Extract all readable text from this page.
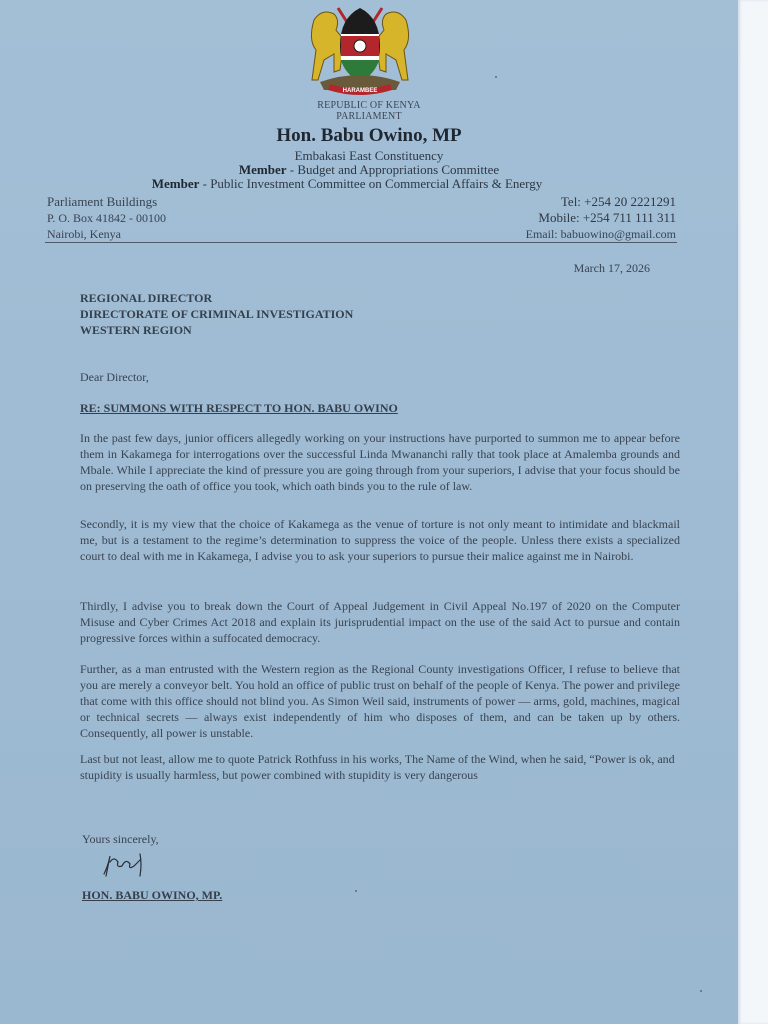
HARAMBEE
REPUBLIC OF KENYA
PARLIAMENT
Hon. Babu Owino, MP
Embakasi East Constituency
Member - Budget and Appropriations Committee
Member - Public Investment Committee on Commercial Affairs & Energy
Parliament Buildings
P. O. Box 41842 - 00100
Nairobi, Kenya
Tel: +254 20 2221291
Mobile: +254 711 111 311
Email: babuowino@gmail.com
March 17, 2026
REGIONAL DIRECTOR
DIRECTORATE OF CRIMINAL INVESTIGATION
WESTERN REGION
Dear Director,
RE: SUMMONS WITH RESPECT TO HON. BABU OWINO
In the past few days, junior officers allegedly working on your instructions have purported to summon me to appear before them in Kakamega for interrogations over the successful Linda Mwananchi rally that took place at Amalemba grounds and Mbale. While I appreciate the kind of pressure you are going through from your superiors, I advise that your focus should be on preserving the oath of office you took, which oath binds you to the rule of law.
Secondly, it is my view that the choice of Kakamega as the venue of torture is not only meant to intimidate and blackmail me, but is a testament to the regime’s determination to suppress the voice of the people. Unless there exists a specialized court to deal with me in Kakamega, I advise you to ask your superiors to pursue their malice against me in Nairobi.
Thirdly, I advise you to break down the Court of Appeal Judgement in Civil Appeal No.197 of 2020 on the Computer Misuse and Cyber Crimes Act 2018 and explain its jurisprudential impact on the use of the said Act to pursue and contain progressive forces within a suffocated democracy.
Further, as a man entrusted with the Western region as the Regional County investigations Officer, I refuse to believe that you are merely a conveyor belt. You hold an office of public trust on behalf of the people of Kenya. The power and privilege that come with this office should not blind you. As Simon Weil said, instruments of power — arms, gold, machines, magical or technical secrets — always exist independently of him who disposes of them, and can be taken up by others. Consequently, all power is unstable.
Last but not least, allow me to quote Patrick Rothfuss in his works, The Name of the Wind, when he said, “Power is ok, and stupidity is usually harmless, but power combined with stupidity is very dangerous
Yours sincerely,
HON. BABU OWINO, MP.
